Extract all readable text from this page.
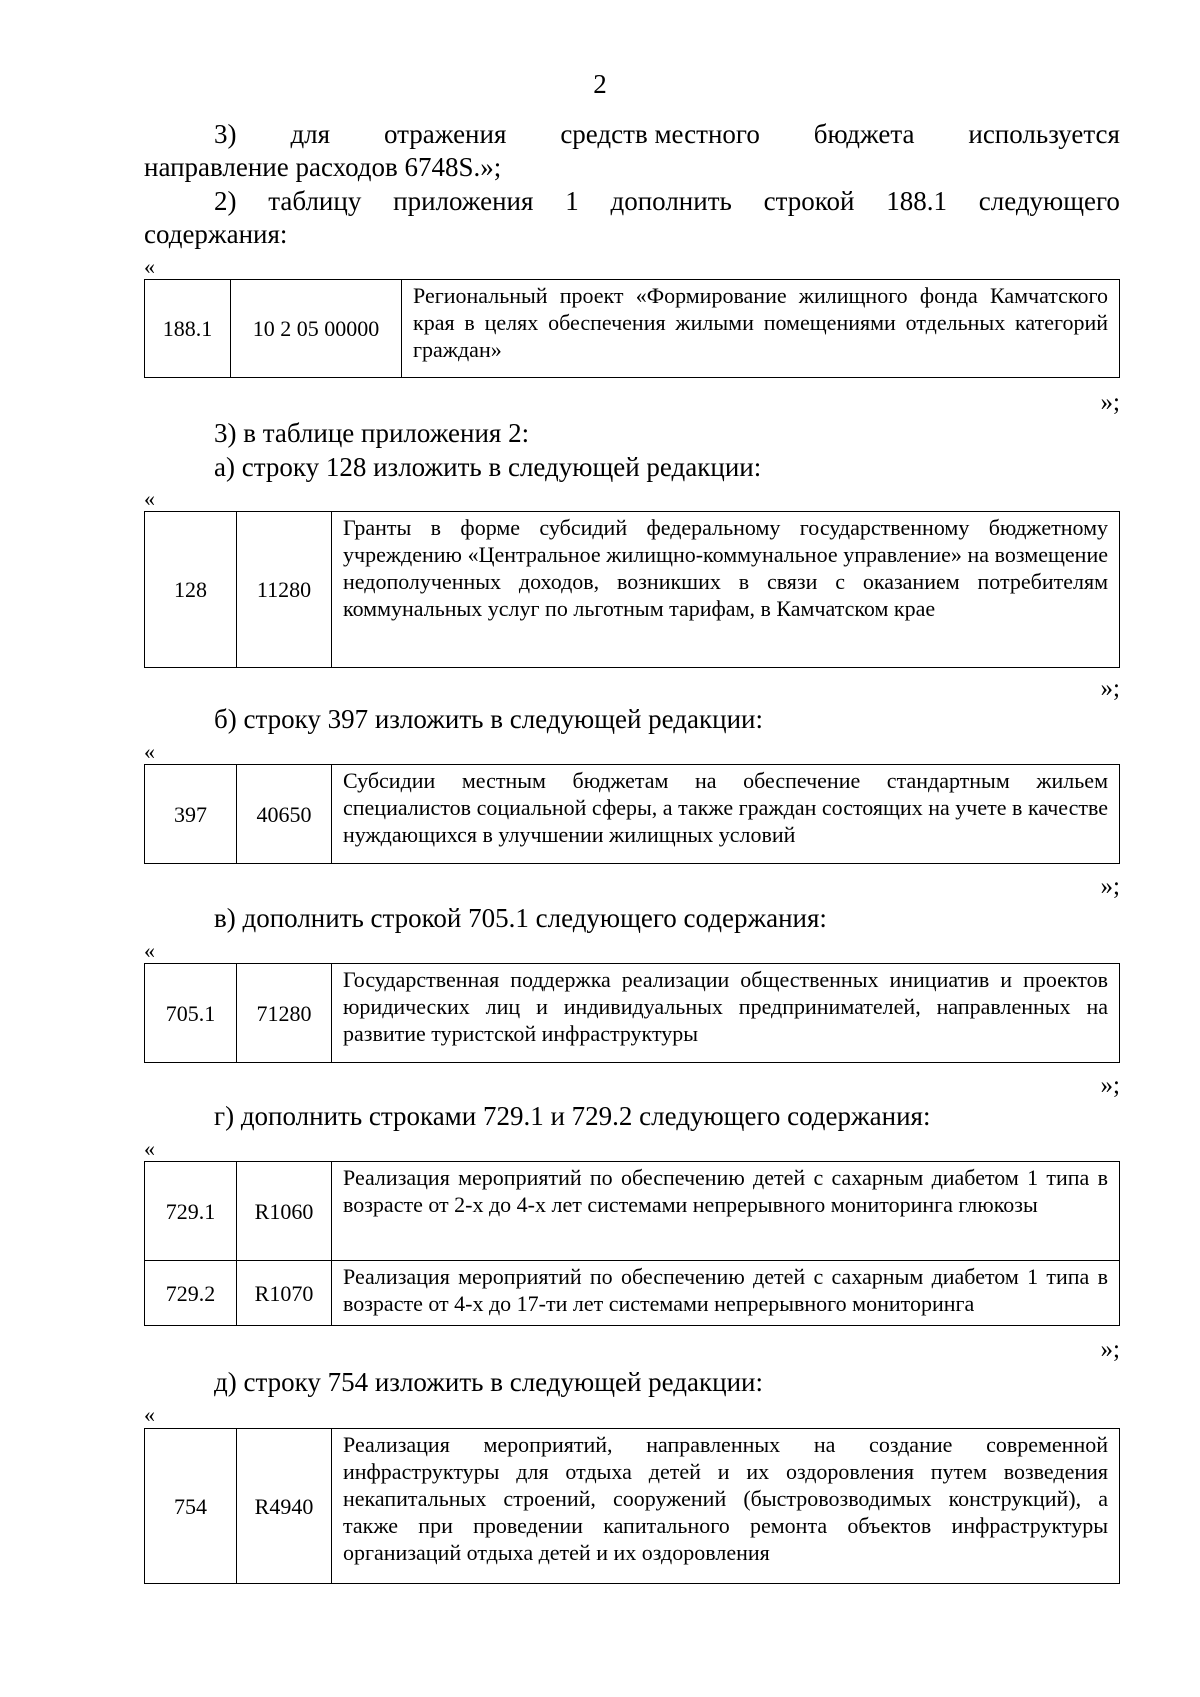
2
3) для отражения средств местного бюджета используется
направление расходов 6748S.»;
2) таблицу приложения 1 дополнить строкой 188.1 следующего
содержания:
«
188.1	10 2 05 00000	Региональный проект «Формирование жилищного фонда Камчатского края в целях обеспечения жилыми помещениями отдельных категорий граждан»
»;
3) в таблице приложения 2:
а) строку 128 изложить в следующей редакции:
«
128	11280	Гранты в форме субсидий федеральному государственному бюджетному учреждению «Центральное жилищно-коммунальное управление» на возмещение недополученных доходов, возникших в связи с оказанием потребителям коммунальных услуг по льготным тарифам, в Камчатском крае
»;
б) строку 397 изложить в следующей редакции:
«
397	40650	Субсидии местным бюджетам на обеспечение стандартным жильем специалистов социальной сферы, а также граждан состоящих на учете в качестве нуждающихся в улучшении жилищных условий
»;
в) дополнить строкой 705.1 следующего содержания:
«
705.1	71280	Государственная поддержка реализации общественных инициатив и проектов юридических лиц и индивидуальных предпринимателей, направленных на развитие туристской инфраструктуры
»;
г) дополнить строками 729.1 и 729.2 следующего содержания:
«
729.1	R1060	Реализация мероприятий по обеспечению детей с сахарным диабетом 1 типа в возрасте от 2-х до 4-х лет системами непрерывного мониторинга глюкозы
729.2	R1070	Реализация мероприятий по обеспечению детей с сахарным диабетом 1 типа в возрасте от 4-х до 17-ти лет системами непрерывного мониторинга
»;
д) строку 754 изложить в следующей редакции:
«
754	R4940	Реализация мероприятий, направленных на создание современной инфраструктуры для отдыха детей и их оздоровления путем возведения некапитальных строений, сооружений (быстровозводимых конструкций), а также при проведении капитального ремонта объектов инфраструктуры организаций отдыха детей и их оздоровления
